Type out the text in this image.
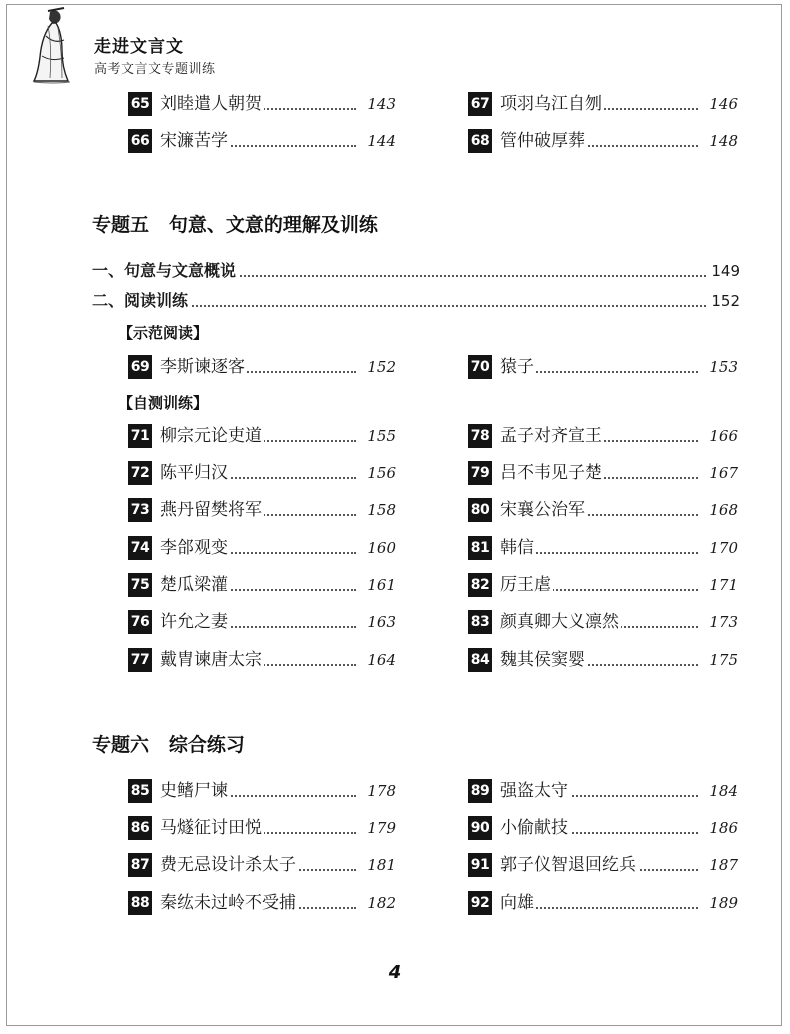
走进文言文
高考文言文专题训练
65 刘睦遣人朝贺	143
66 宋濂苦学	144
67 项羽乌江自刎	146
68 管仲破厚葬	148
专题五   句意、文意的理解及训练
一、句意与文意概说	149
二、阅读训练	152
【示范阅读】
69 李斯谏逐客	152	70 猿子	153
【自测训练】
71 柳宗元论吏道	155
72 陈平归汉	156
73 燕丹留樊将军	158
74 李郃观变	160
75 楚瓜梁灌	161
76 许允之妻	163
77 戴胄谏唐太宗	164
78 孟子对齐宣王	166
79 吕不韦见子楚	167
80 宋襄公治军	168
81 韩信	170
82 厉王虐	171
83 颜真卿大义凛然	173
84 魏其侯窦婴	175
专题六   综合练习
85 史鳍尸谏	178
86 马燧征讨田悦	179
87 费无忌设计杀太子	181
88 秦纮未过岭不受捕	182
89 强盗太守	184
90 小偷献技	186
91 郭子仪智退回纥兵	187
92 向雄	189
4
